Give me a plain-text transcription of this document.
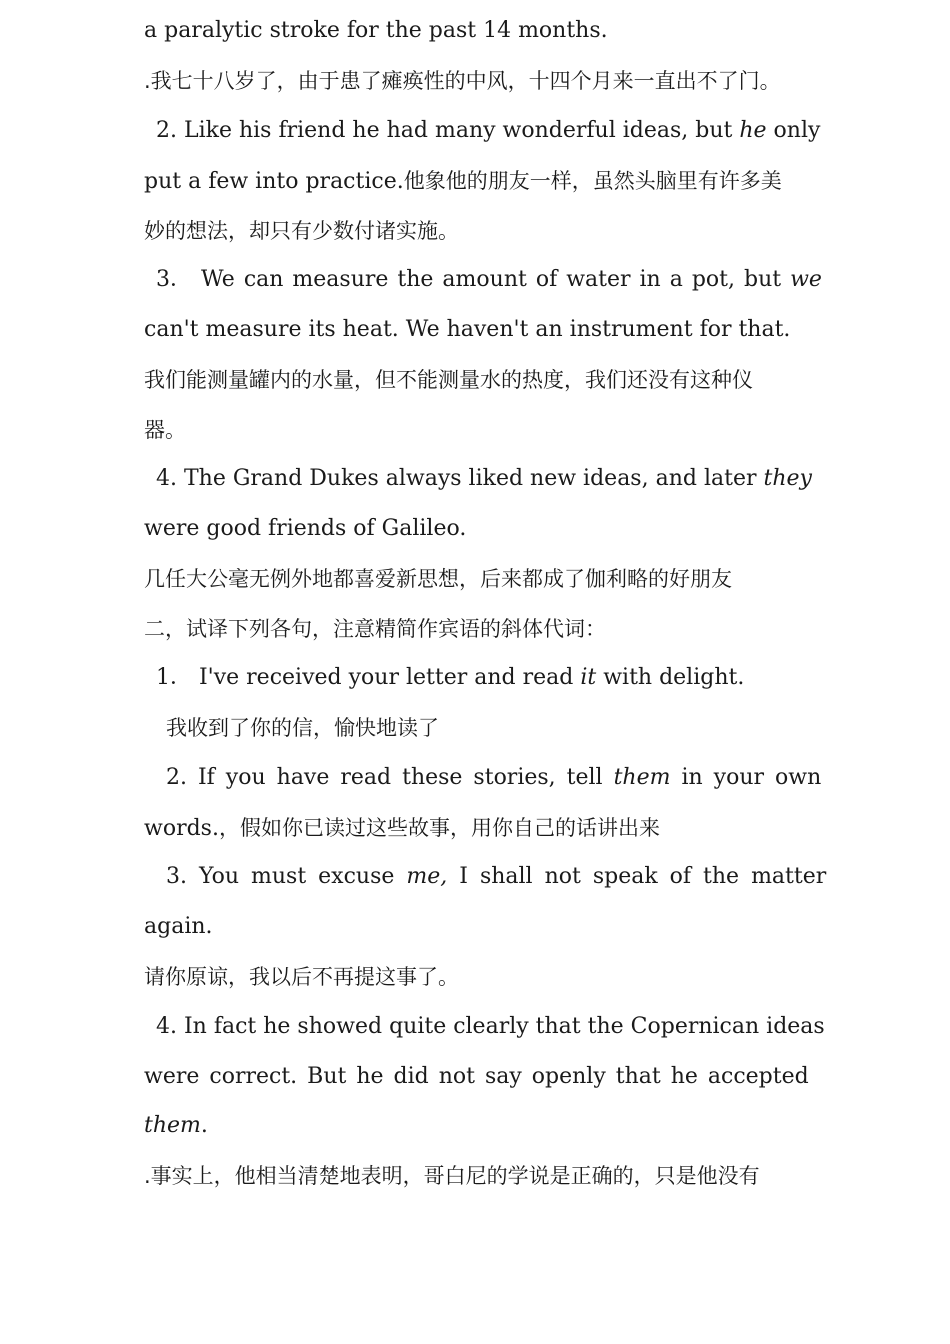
a paralytic stroke for the past 14 months.
.我七十八岁了，由于患了瘫痪性的中风，十四个月来一直出不了门。
2. Like his friend he had many wonderful ideas, but he only
put a few into practice.他象他的朋友一样，虽然头脑里有许多美
妙的想法，却只有少数付诸实施。
3． We can measure the amount of water in a pot, but we
can't measure its heat. We haven't an instrument for that.
我们能测量罐内的水量，但不能测量水的热度，我们还没有这种仪
器。
4. The Grand Dukes always liked new ideas, and later they
were good friends of Galileo.
几任大公毫无例外地都喜爱新思想，后来都成了伽利略的好朋友
二，试译下列各句，注意精简作宾语的斜体代词：
1． I've received your letter and read it with delight.
我收到了你的信，愉快地读了
2. If you have read these stories, tell them in your own
words.，假如你已读过这些故事，用你自己的话讲出来
3. You must excuse me, I shall not speak of the matter
again.
请你原谅，我以后不再提这事了。
4. In fact he showed quite clearly that the Copernican ideas
were correct. But he did not say openly that he accepted
them.
.事实上，他相当清楚地表明，哥白尼的学说是正确的，只是他没有
